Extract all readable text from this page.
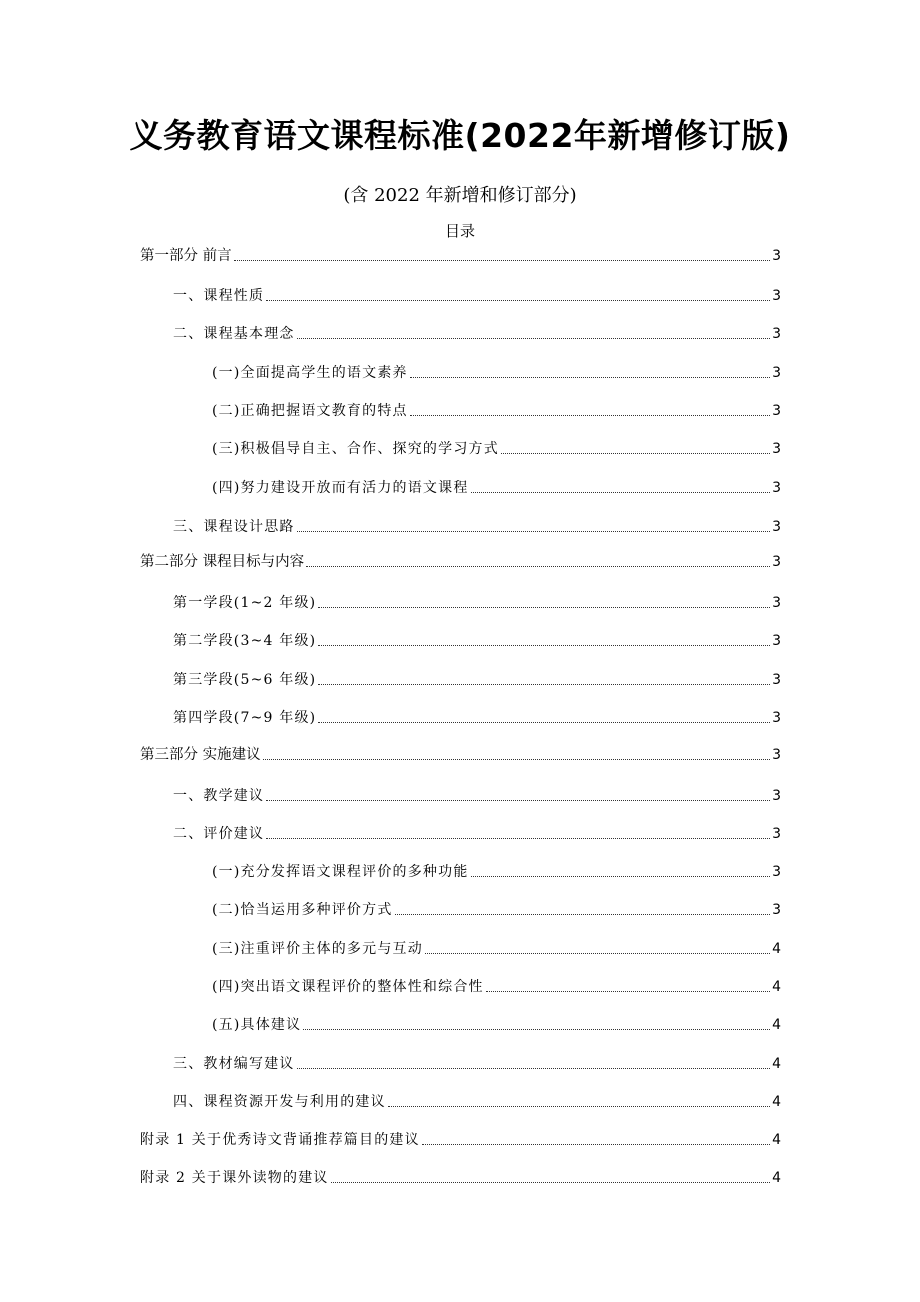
义务教育语文课程标准(2022年新增修订版)
(含 2022 年新增和修订部分)
目录
第一部分 前言	3
一、课程性质	3
二、课程基本理念	3
(一)全面提高学生的语文素养	3
(二)正确把握语文教育的特点	3
(三)积极倡导自主、合作、探究的学习方式	3
(四)努力建设开放而有活力的语文课程	3
三、课程设计思路	3
第二部分 课程目标与内容	3
第一学段(1~2 年级)	3
第二学段(3~4 年级)	3
第三学段(5~6 年级)	3
第四学段(7~9 年级)	3
第三部分 实施建议	3
一、教学建议	3
二、评价建议	3
(一)充分发挥语文课程评价的多种功能	3
(二)恰当运用多种评价方式	3
(三)注重评价主体的多元与互动	4
(四)突出语文课程评价的整体性和综合性	4
(五)具体建议	4
三、教材编写建议	4
四、课程资源开发与利用的建议	4
附录 1 关于优秀诗文背诵推荐篇目的建议	4
附录 2 关于课外读物的建议	4
